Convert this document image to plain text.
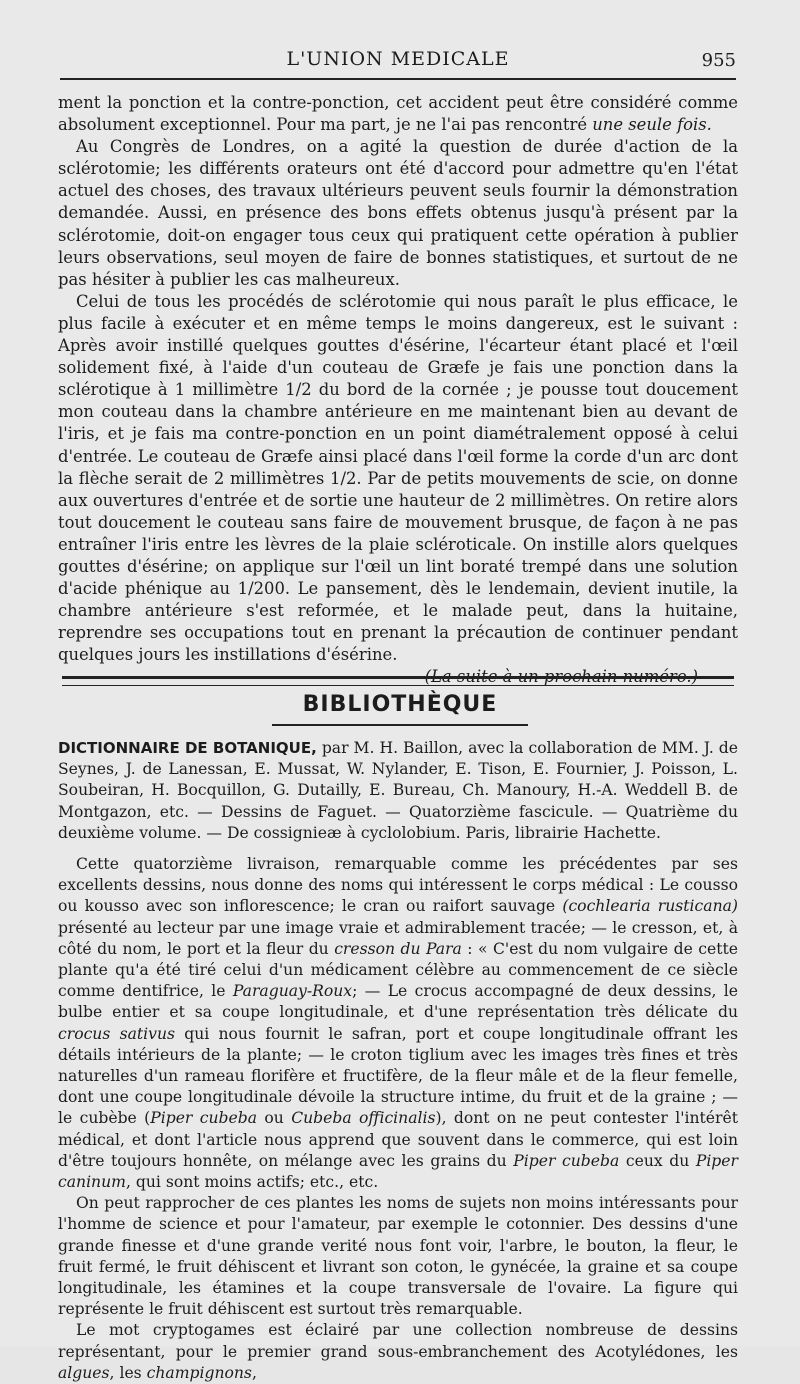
L'UNION MEDICALE	955

ment la ponction et la contre-ponction, cet accident peut être considéré comme absolument exceptionnel. Pour ma part, je ne l'ai pas rencontré une seule fois.

Au Congrès de Londres, on a agité la question de durée d'action de la sclérotomie; les différents orateurs ont été d'accord pour admettre qu'en l'état actuel des choses, des travaux ultérieurs peuvent seuls fournir la démonstration demandée. Aussi, en présence des bons effets obtenus jusqu'à présent par la sclérotomie, doit-on engager tous ceux qui pratiquent cette opération à publier leurs observations, seul moyen de faire de bonnes statistiques, et surtout de ne pas hésiter à publier les cas malheureux.

Celui de tous les procédés de sclérotomie qui nous paraît le plus efficace, le plus facile à exécuter et en même temps le moins dangereux, est le suivant : Après avoir instillé quelques gouttes d'ésérine, l'écarteur étant placé et l'œil solidement fixé, à l'aide d'un couteau de Græfe je fais une ponction dans la sclérotique à 1 millimètre 1/2 du bord de la cornée ; je pousse tout doucement mon couteau dans la chambre antérieure en me maintenant bien au devant de l'iris, et je fais ma contre-ponction en un point diamétralement opposé à celui d'entrée. Le couteau de Græfe ainsi placé dans l'œil forme la corde d'un arc dont la flèche serait de 2 millimètres 1/2. Par de petits mouvements de scie, on donne aux ouvertures d'entrée et de sortie une hauteur de 2 millimètres. On retire alors tout doucement le couteau sans faire de mouvement brusque, de façon à ne pas entraîner l'iris entre les lèvres de la plaie scléroticale. On instille alors quelques gouttes d'ésérine; on applique sur l'œil un lint boraté trempé dans une solution d'acide phénique au 1/200. Le pansement, dès le lendemain, devient inutile, la chambre antérieure s'est reformée, et le malade peut, dans la huitaine, reprendre ses occupations tout en prenant la précaution de continuer pendant quelques jours les instillations d'ésérine.

(La suite à un prochain numéro.)

BIBLIOTHÈQUE

DICTIONNAIRE DE BOTANIQUE, par M. H. Baillon, avec la collaboration de MM. J. de Seynes, J. de Lanessan, E. Mussat, W. Nylander, E. Tison, E. Fournier, J. Poisson, L. Soubeiran, H. Bocquillon, G. Dutailly, E. Bureau, Ch. Manoury, H.-A. Weddell B. de Montgazon, etc. — Dessins de Faguet. — Quatorzième fascicule. — Quatrième du deuxième volume. — De cossigniеæ à cyclolobium. Paris, librairie Hachette.

Cette quatorzième livraison, remarquable comme les précédentes par ses excellents dessins, nous donne des noms qui intéressent le corps médical : Le cousso ou kousso avec son inflorescence; le cran ou raifort sauvage (cochlearia rusticana) présenté au lecteur par une image vraie et admirablement tracée; — le cresson, et, à côté du nom, le port et la fleur du cresson du Para : « C'est du nom vulgaire de cette plante qu'a été tiré celui d'un médicament célèbre au commencement de ce siècle comme dentifrice, le Paraguay-Roux; — Le crocus accompagné de deux dessins, le bulbe entier et sa coupe longitudinale, et d'une représentation très délicate du crocus sativus qui nous fournit le safran, port et coupe longitudinale offrant les détails intérieurs de la plante; — le croton tiglium avec les images très fines et très naturelles d'un rameau florifère et fructifère, de la fleur mâle et de la fleur femelle, dont une coupe longitudinale dévoile la structure intime, du fruit et de la graine ; — le cubèbe (Piper cubeba ou Cubeba officinalis), dont on ne peut contester l'intérêt médical, et dont l'article nous apprend que souvent dans le commerce, qui est loin d'être toujours honnête, on mélange avec les grains du Piper cubeba ceux du Piper caninum, qui sont moins actifs; etc., etc.

On peut rapprocher de ces plantes les noms de sujets non moins intéressants pour l'homme de science et pour l'amateur, par exemple le cotonnier. Des dessins d'une grande finesse et d'une grande verité nous font voir, l'arbre, le bouton, la fleur, le fruit fermé, le fruit déhiscent et livrant son coton, le gynécée, la graine et sa coupe longitudinale, les étamines et la coupe transversale de l'ovaire. La figure qui représente le fruit déhiscent est surtout très remarquable.

Le mot cryptogames est éclairé par une collection nombreuse de dessins représentant, pour le premier grand sous-embranchement des Acotylédones, les algues, les champignons,
